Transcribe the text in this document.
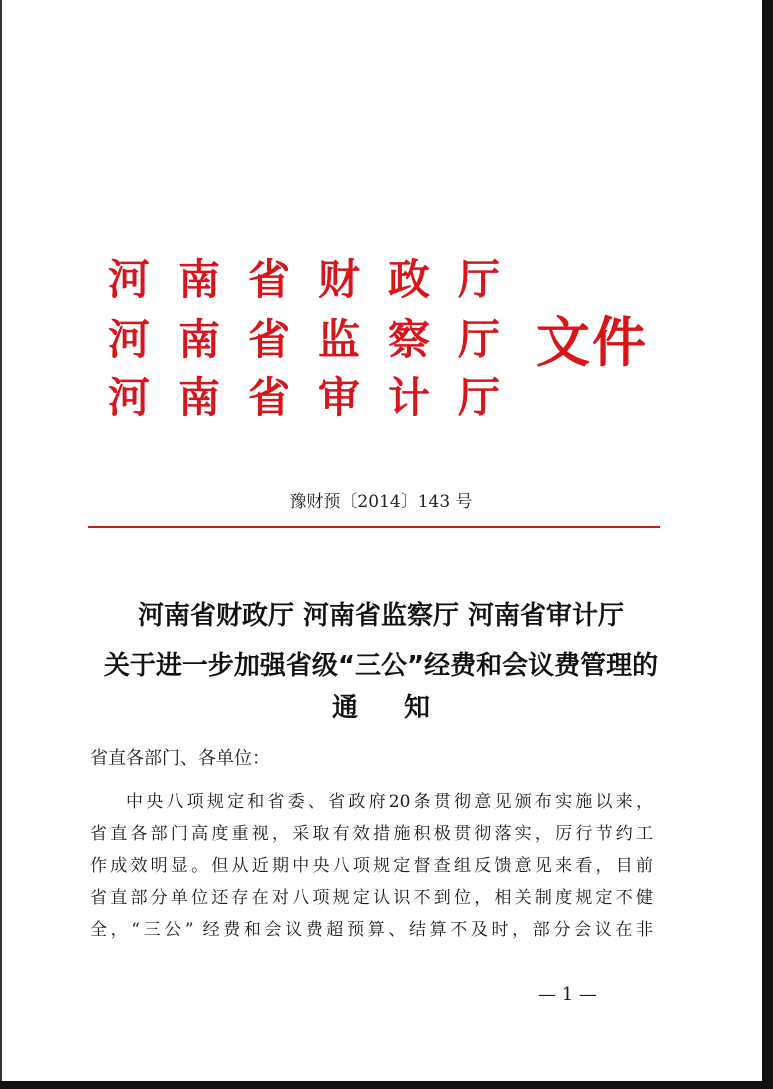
河 南 省 财 政 厅
河 南 省 监 察 厅
河 南 省 审 计 厅
文件
豫财预〔2014〕143 号
河南省财政厅 河南省监察厅 河南省审计厅
关于进一步加强省级“三公”经费和会议费管理的
通知
省直各部门、各单位：
中央八项规定和省委、省政府20条贯彻意见颁布实施以来，
省直各部门高度重视，采取有效措施积极贯彻落实，厉行节约工
作成效明显。但从近期中央八项规定督查组反馈意见来看，目前
省直部分单位还存在对八项规定认识不到位，相关制度规定不健
全，“三公” 经费和会议费超预算、结算不及时，部分会议在非
— 1 —
